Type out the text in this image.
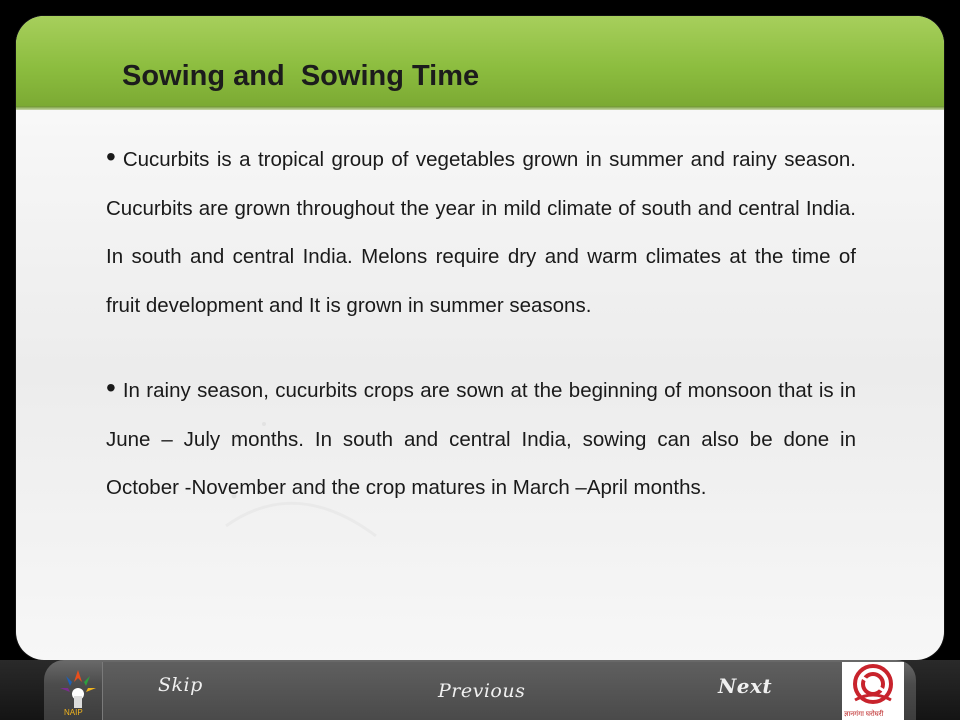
Sowing and  Sowing Time

• Cucurbits is a tropical group of vegetables grown in summer and rainy season. Cucurbits are grown throughout the year in mild climate of south and central India. In south and central India. Melons require dry and warm climates at the time of fruit development and It is grown in summer seasons.

• In rainy season, cucurbits crops are sown at the beginning of monsoon that is in June – July months. In south and central India, sowing can also be done in October -November and the crop matures in March –April months.

NAIP
Skip	Previous	Next
ज्ञानगंगा घरोघरी
